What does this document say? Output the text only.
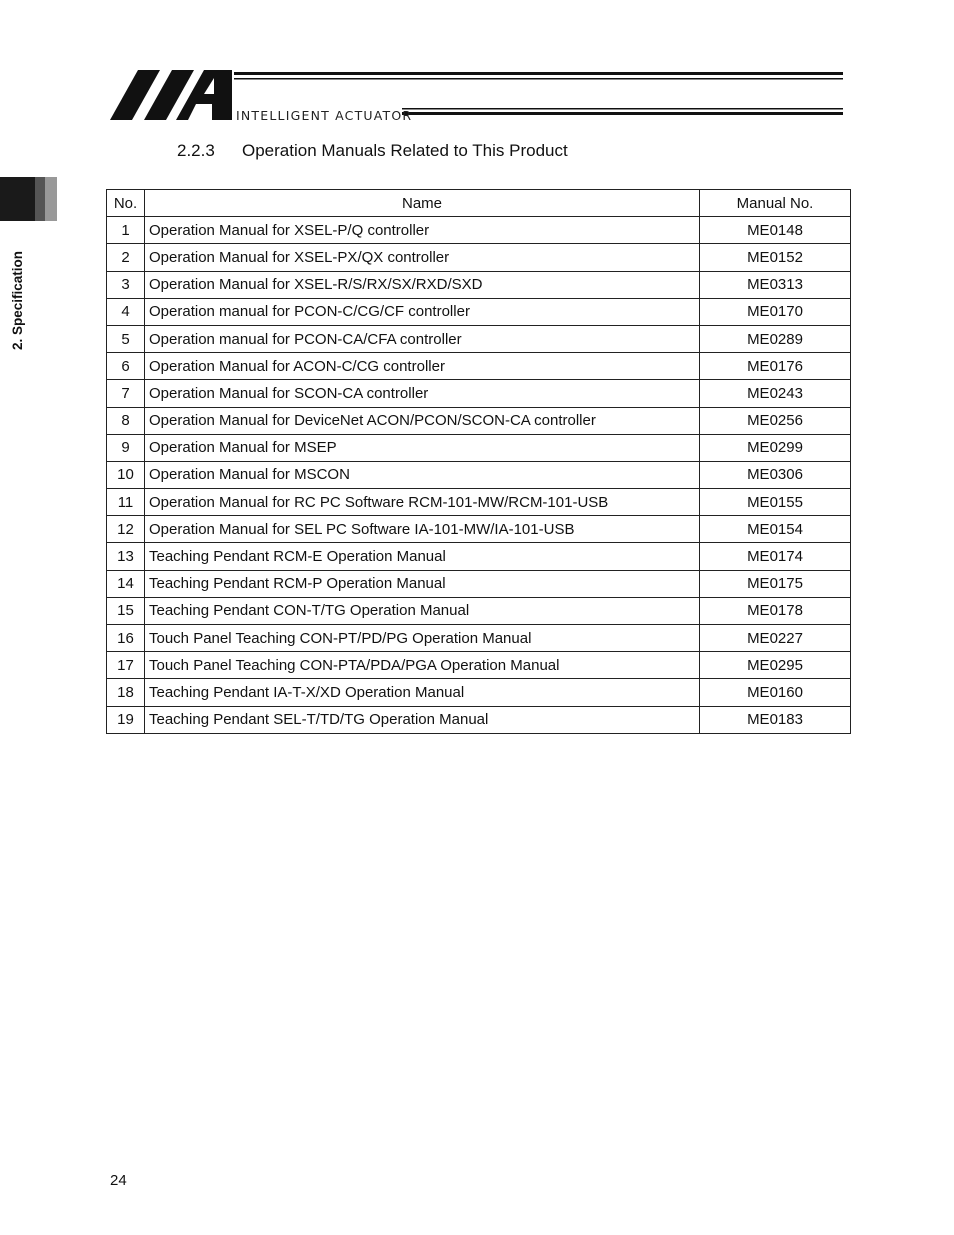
INTELLIGENT ACTUATOR
2. Specification
2.2.3 Operation Manuals Related to This Product
No.	Name	Manual No.
1	Operation Manual for XSEL-P/Q controller	ME0148
2	Operation Manual for XSEL-PX/QX controller	ME0152
3	Operation Manual for XSEL-R/S/RX/SX/RXD/SXD	ME0313
4	Operation manual for PCON-C/CG/CF controller	ME0170
5	Operation manual for PCON-CA/CFA controller	ME0289
6	Operation Manual for ACON-C/CG controller	ME0176
7	Operation Manual for SCON-CA controller	ME0243
8	Operation Manual for DeviceNet ACON/PCON/SCON-CA controller	ME0256
9	Operation Manual for MSEP	ME0299
10	Operation Manual for MSCON	ME0306
11	Operation Manual for RC PC Software RCM-101-MW/RCM-101-USB	ME0155
12	Operation Manual for SEL PC Software IA-101-MW/IA-101-USB	ME0154
13	Teaching Pendant RCM-E Operation Manual	ME0174
14	Teaching Pendant RCM-P Operation Manual	ME0175
15	Teaching Pendant CON-T/TG Operation Manual	ME0178
16	Touch Panel Teaching CON-PT/PD/PG Operation Manual	ME0227
17	Touch Panel Teaching CON-PTA/PDA/PGA Operation Manual	ME0295
18	Teaching Pendant IA-T-X/XD Operation Manual	ME0160
19	Teaching Pendant SEL-T/TD/TG Operation Manual	ME0183
24
